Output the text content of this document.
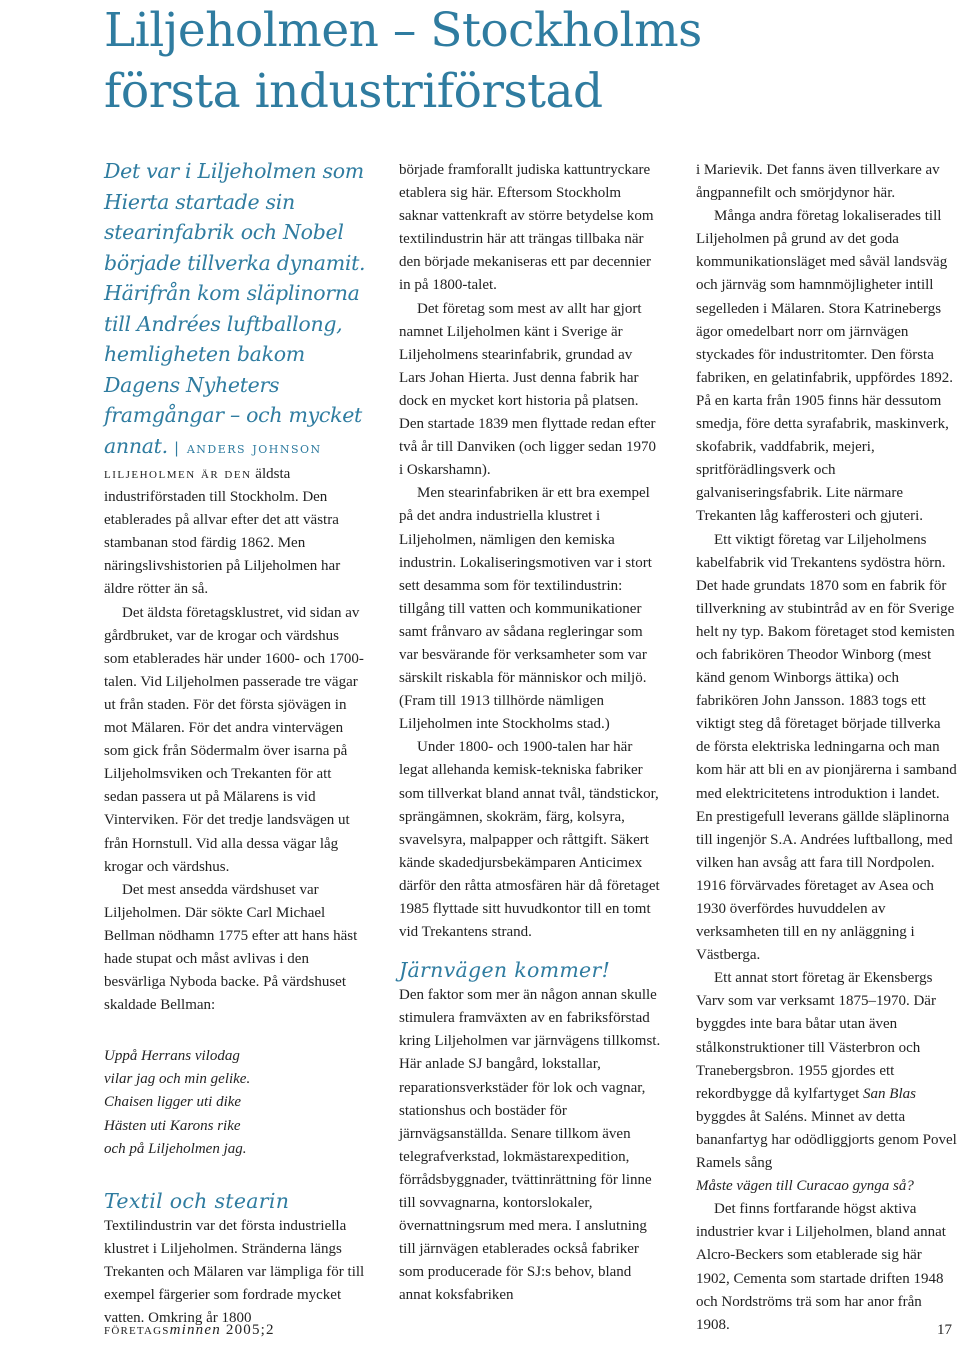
Liljeholmen – Stockholms
första industriförstad

Det var i Liljeholmen som Hierta startade sin stearinfabrik och Nobel började tillverka dynamit. Härifrån kom släplinorna till Andrées luftballong, hemligheten bakom Dagens Nyheters framgångar – och mycket annat. | anders johnson

liljeholmen är den äldsta industriförstaden till Stockholm. Den etablerades på allvar efter det att västra stambanan stod färdig 1862. Men näringslivshistorien på Liljeholmen har äldre rötter än så.

Det äldsta företagsklustret, vid sidan av gårdbruket, var de krogar och värdshus som etablerades här under 1600- och 1700-talen. Vid Liljeholmen passerade tre vägar ut från staden. För det första sjövägen in mot Mälaren. För det andra vintervägen som gick från Södermalm över isarna på Liljeholmsviken och Trekanten för att sedan passera ut på Mälarens is vid Vinterviken. För det tredje landsvägen ut från Hornstull. Vid alla dessa vägar låg krogar och värdshus.

Det mest ansedda värdshuset var Liljeholmen. Där sökte Carl Michael Bellman nödhamn 1775 efter att hans häst hade stupat och måst avlivas i den besvärliga Nyboda backe. På värdshuset skaldade Bellman:

Uppå Herrans vilodag
vilar jag och min gelike.
Chaisen ligger uti dike
Hästen uti Karons rike
och på Liljeholmen jag.
Textil och stearin

Textilindustrin var det första industriella klustret i Liljeholmen. Stränderna längs Trekanten och Mälaren var lämpliga för till exempel färgerier som fordrade mycket vatten. Omkring år 1800

började framforallt judiska kattuntryckare etablera sig här. Eftersom Stockholm saknar vattenkraft av större betydelse kom textilindustrin här att trängas tillbaka när den började mekaniseras ett par decennier in på 1800-talet.

Det företag som mest av allt har gjort namnet Liljeholmen känt i Sverige är Liljeholmens stearinfabrik, grundad av Lars Johan Hierta. Just denna fabrik har dock en mycket kort historia på platsen. Den startade 1839 men flyttade redan efter två år till Danviken (och ligger sedan 1970 i Oskarshamn).

Men stearinfabriken är ett bra exempel på det andra industriella klustret i Liljeholmen, nämligen den kemiska industrin. Lokaliseringsmotiven var i stort sett desamma som för textilindustrin: tillgång till vatten och kommunikationer samt frånvaro av sådana regleringar som var besvärande för verksamheter som var särskilt riskabla för människor och miljö. (Fram till 1913 tillhörde nämligen Liljeholmen inte Stockholms stad.)

Under 1800- och 1900-talen har här legat allehanda kemisk-tekniska fabriker som tillverkat bland annat tvål, tändstickor, sprängämnen, skokräm, färg, kolsyra, svavelsyra, malpapper och råttgift. Säkert kände skadedjursbekämparen Anticimex därför den råtta atmosfären här då företaget 1985 flyttade sitt huvudkontor till en tomt vid Trekantens strand.

Järnvägen kommer!

Den faktor som mer än någon annan skulle stimulera framväxten av en fabriksförstad kring Liljeholmen var järnvägens tillkomst. Här anlade SJ bangård, lokstallar, reparationsverkstäder för lok och vagnar, stationshus och bostäder för järnvägsanställda. Senare tillkom även telegrafverkstad, lokmästarexpedition, förrådsbyggnader, tvättinrättning för linne till sovvagnarna, kontorslokaler, övernattningsrum med mera. I anslutning till järnvägen etablerades också fabriker som producerade för SJ:s behov, bland annat koksfabriken

i Marievik. Det fanns även tillverkare av ångpannefilt och smörjdynor här.

Många andra företag lokaliserades till Liljeholmen på grund av det goda kommunikationsläget med såväl landsväg och järnväg som hamnmöjligheter intill segelleden i Mälaren. Stora Katrinebergs ägor omedelbart norr om järnvägen styckades för industritomter. Den första fabriken, en gelatinfabrik, uppfördes 1892. På en karta från 1905 finns här dessutom smedja, före detta syrafabrik, maskinverk, skofabrik, vaddfabrik, mejeri, spritförädlingsverk och galvaniseringsfabrik. Lite närmare Trekanten låg kafferosteri och gjuteri.

Ett viktigt företag var Liljeholmens kabelfabrik vid Trekantens sydöstra hörn. Det hade grundats 1870 som en fabrik för tillverkning av stubintråd av en för Sverige helt ny typ. Bakom företaget stod kemisten och fabrikören Theodor Winborg (mest känd genom Winborgs ättika) och fabrikören John Jansson. 1883 togs ett viktigt steg då företaget började tillverka de första elektriska ledningarna och man kom här att bli en av pionjärerna i samband med elektricitetens introduktion i landet. En prestigefull leverans gällde släplinorna till ingenjör S.A. Andrées luftballong, med vilken han avsåg att fara till Nordpolen. 1916 förvärvades företaget av Asea och 1930 överfördes huvuddelen av verksamheten till en ny anläggning i Västberga.

Ett annat stort företag är Ekensbergs Varv som var verksamt 1875–1970. Där byggdes inte bara båtar utan även stålkonstruktioner till Västerbron och Tranebergsbron. 1955 gjordes ett rekordbygge då kylfartyget San Blas byggdes åt Saléns. Minnet av detta bananfartyg har odödliggjorts genom Povel Ramels sång

Måste vägen till Curacao gynga så?

Det finns fortfarande högst aktiva industrier kvar i Liljeholmen, bland annat Alcro-Beckers som etablerade sig här 1902, Cementa som startade driften 1948 och Nordströms trä som har anor från 1908.

företagsminnen 2005;2	17
